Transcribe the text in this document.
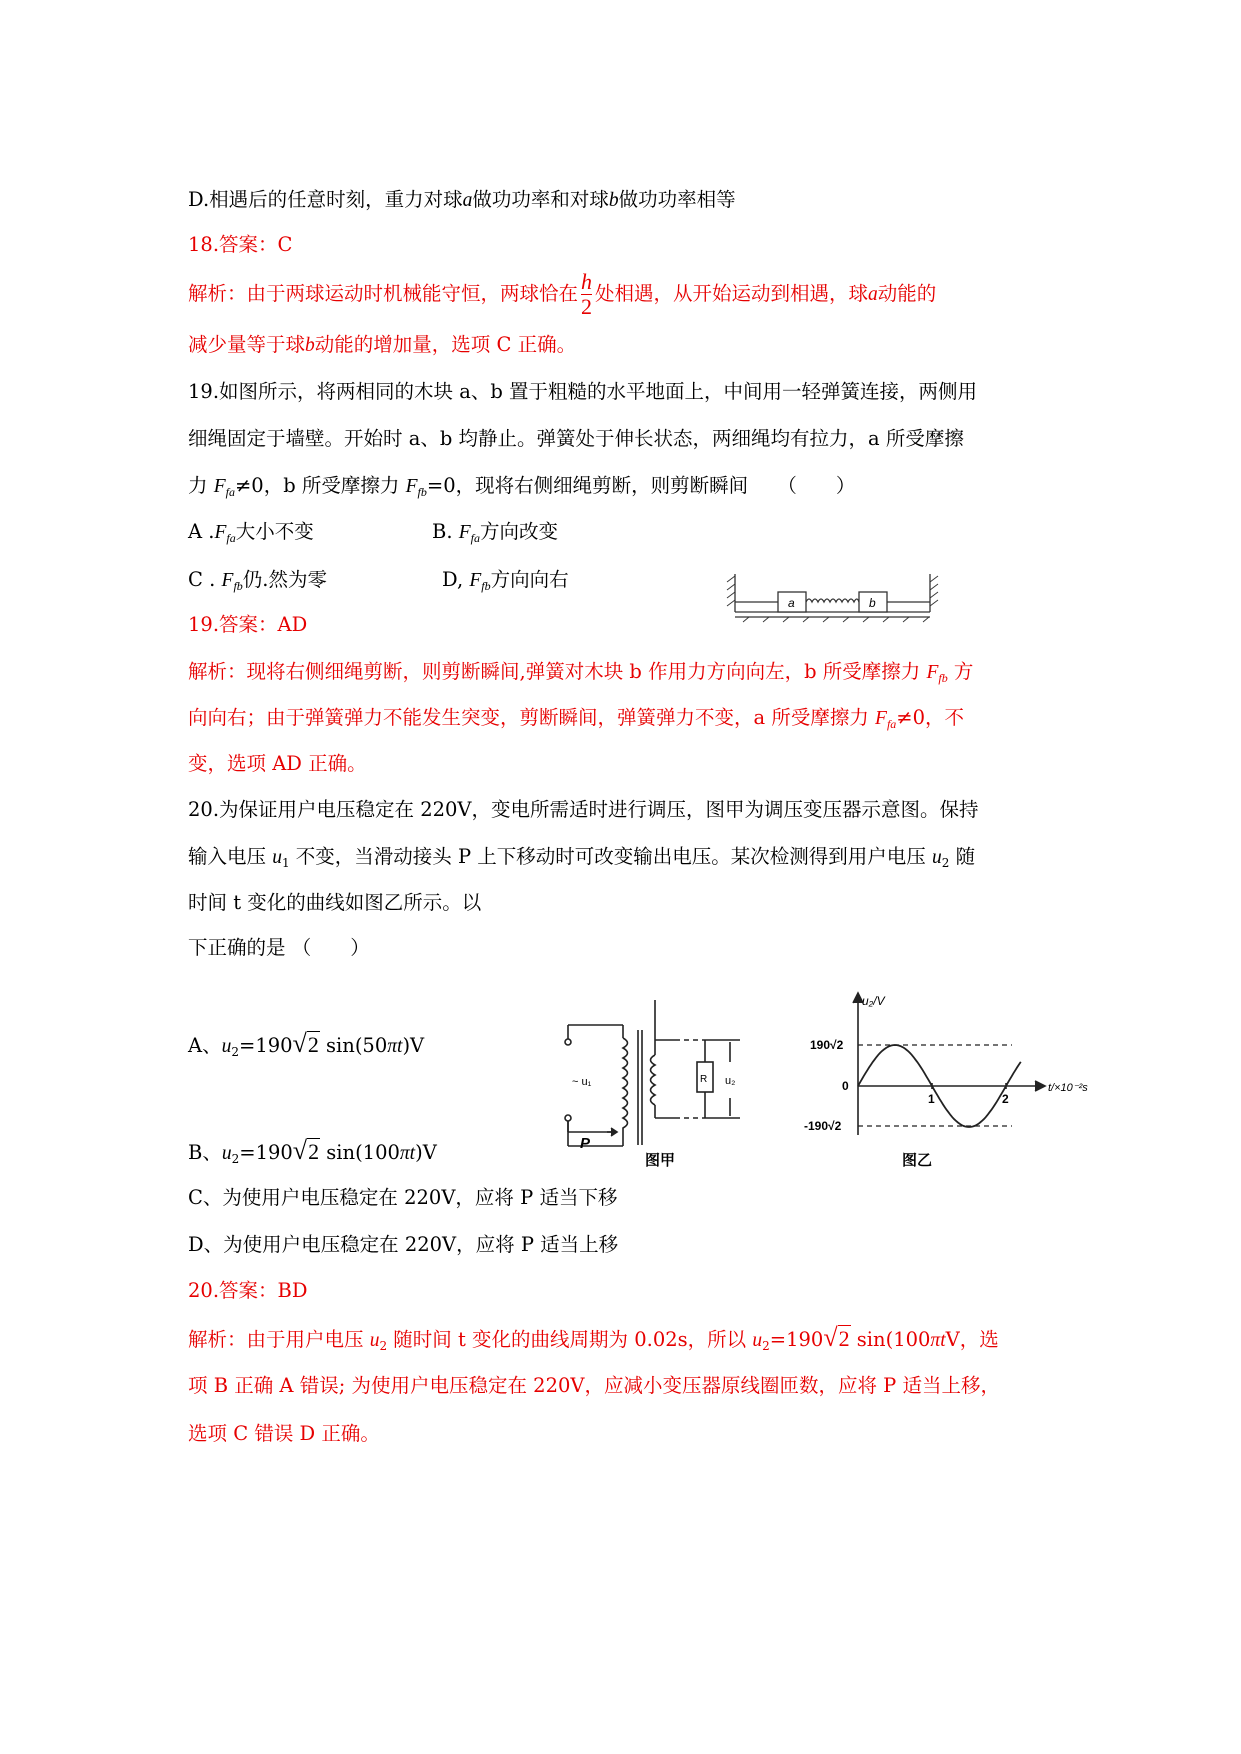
D.相遇后的任意时刻，重力对球a做功功率和对球b做功功率相等
18.答案：C
解析：由于两球运动时机械能守恒，两球恰在 $\frac{h}{2}$ 处相遇，从开始运动到相遇，球a动能的
减少量等于球b动能的增加量，选项 C 正确。
19.如图所示，将两相同的木块 a、b 置于粗糙的水平地面上，中间用一轻弹簧连接，两侧用
细绳固定于墙壁。开始时 a、b 均静止。弹簧处于伸长状态，两细绳均有拉力，a 所受摩擦
力 $F_{fa}\ne 0$，b 所受摩擦力 $F_{fb}=0$，现将右侧细绳剪断，则剪断瞬间　　（　　）
A $.F_{fa}$大小不变	B. $F_{fa}$方向改变
C . $F_{fb}$仍.然为零	D, $F_{fb}$方向向右
a	b
19.答案：AD
解析：现将右侧细绳剪断，则剪断瞬间,弹簧对木块 b 作用力方向向左，b 所受摩擦力 $F_{fb}$ 方
向向右；由于弹簧弹力不能发生突变，剪断瞬间，弹簧弹力不变，a 所受摩擦力 $F_{fa}\ne 0$，不
变，选项 AD 正确。
20.为保证用户电压稳定在 220V，变电所需适时进行调压，图甲为调压变压器示意图。保持
输入电压 $u_1$ 不变，当滑动接头 P 上下移动时可改变输出电压。某次检测得到用户电压 $u_2$ 随
时间 t 变化的曲线如图乙所示。以
下正确的是 （　　）
A、$u_2=190√2$ sin(50πt)V
B、$u_2=190√2$ sin(100πt)V
~ u₁	R u₂
P
图甲
u₂/V
190√2
0
-190√2
1	2
t/×10⁻²s
图乙
C、为使用户电压稳定在 220V，应将 P 适当下移
D、为使用户电压稳定在 220V，应将 P 适当上移
20.答案：BD
解析：由于用户电压 $u_2$ 随时间 t 变化的曲线周期为 0.02s，所以 $u_2=190√2$ sin(100πtV，选
项 B 正确 A 错误; 为使用户电压稳定在 220V，应减小变压器原线圈匝数，应将 P 适当上移，
选项 C 错误 D 正确。
